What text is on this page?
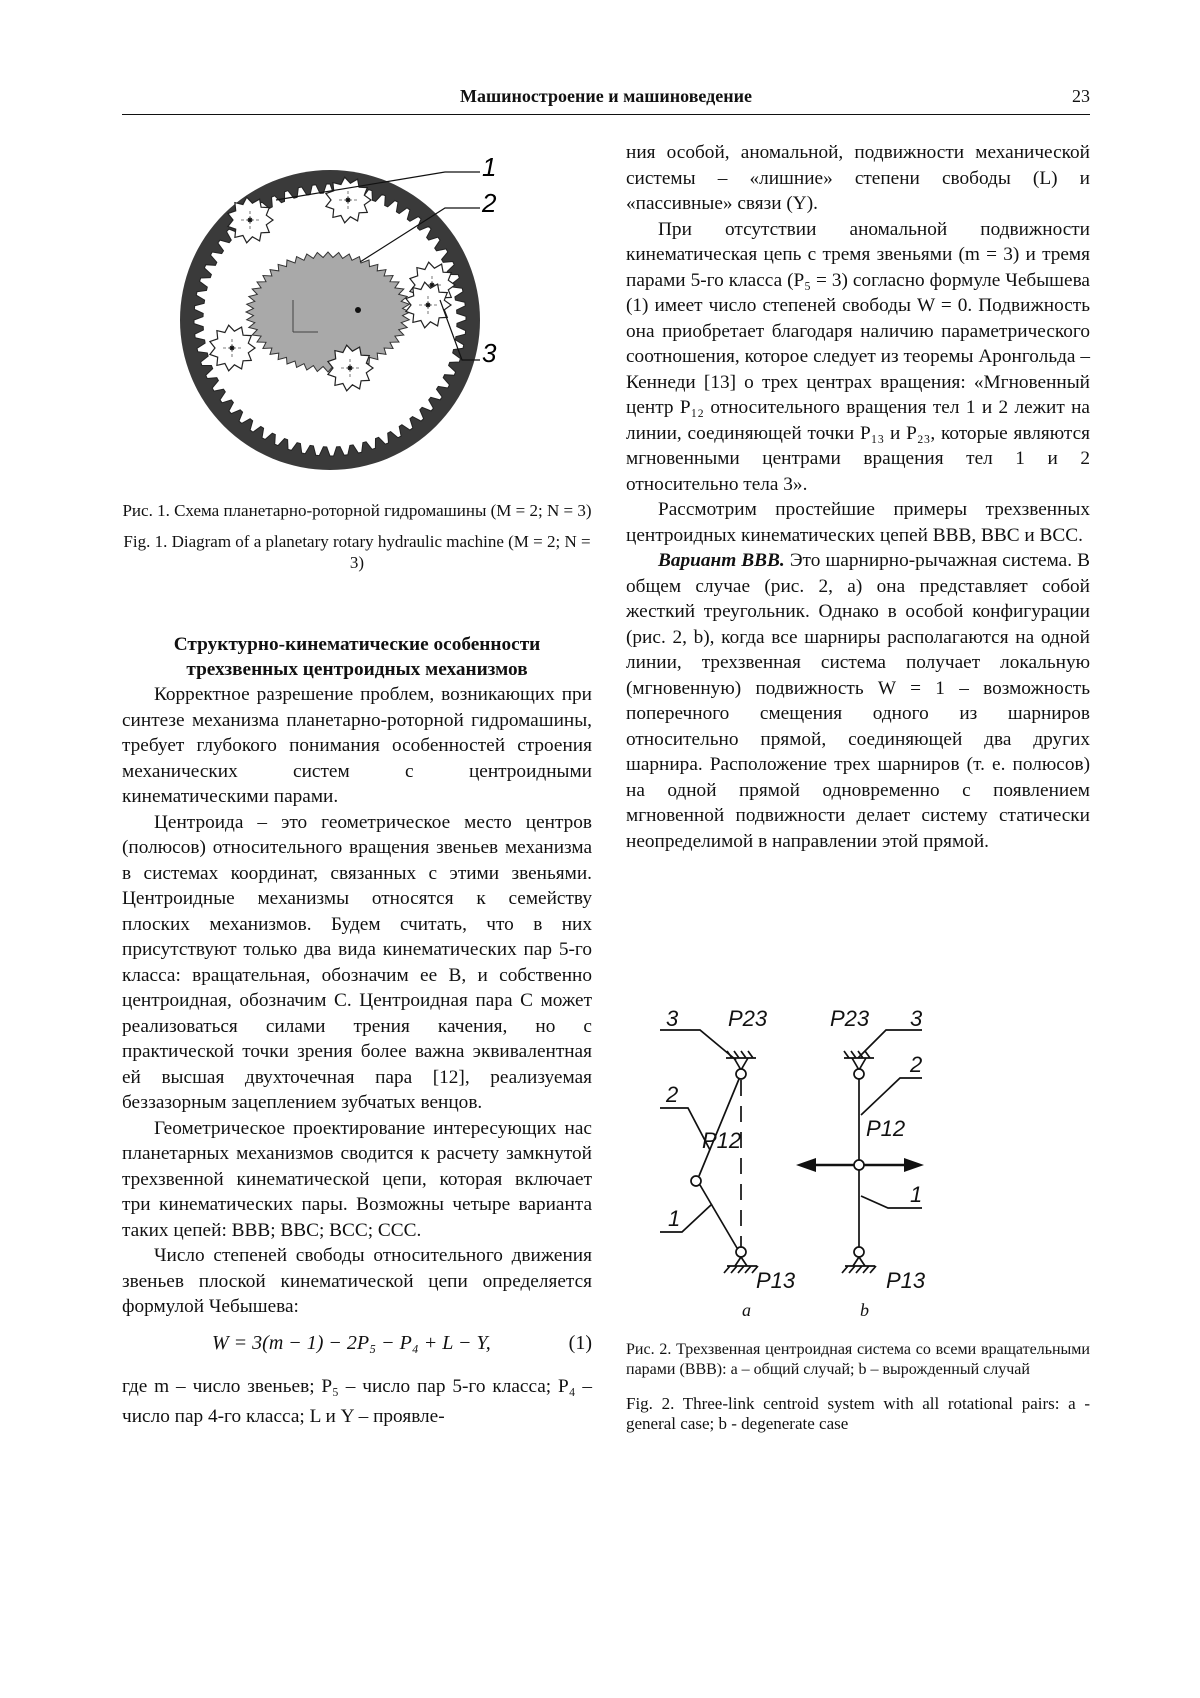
Машиностроение и машиноведение	23
1
2
3

Рис. 1. Схема планетарно-роторной гидромашины (M = 2; N = 3)

Fig. 1. Diagram of a planetary rotary hydraulic machine (M = 2; N = 3)

Структурно-кинематические особенности трехзвенных центроидных механизмов

Корректное разрешение проблем, возникающих при синтезе механизма планетарно-роторной гидромашины, требует глубокого понимания особенностей строения механических систем с центроидными кинематическими парами.

Центроида – это геометрическое место центров (полюсов) относительного вращения звеньев механизма в системах координат, связанных с этими звеньями. Центроидные механизмы относятся к семейству плоских механизмов. Будем считать, что в них присутствуют только два вида кинематических пар 5-го класса: вращательная, обозначим ее B, и собственно центроидная, обозначим C. Центроидная пара C может реализоваться силами трения качения, но с практической точки зрения более важна эквивалентная ей высшая двухточечная пара [12], реализуемая беззазорным зацеплением зубчатых венцов.

Геометрическое проектирование интересующих нас планетарных механизмов сводится к расчету замкнутой трехзвенной кинематической цепи, которая включает три кинематических пары. Возможны четыре варианта таких цепей: BBB; BBC; BCC; CCC.

Число степеней свободы относительного движения звеньев плоской кинематической цепи определяется формулой Чебышева:

W = 3(m − 1) − 2P₅ − P₄ + L − Y,	(1)

где m – число звеньев; P₅ – число пар 5-го класса; P₄ – число пар 4-го класса; L и Y – проявле-

ния особой, аномальной, подвижности механической системы – «лишние» степени свободы (L) и «пассивные» связи (Y).

При отсутствии аномальной подвижности кинематическая цепь с тремя звеньями (m = 3) и тремя парами 5-го класса (P₅ = 3) согласно формуле Чебышева (1) имеет число степеней свободы W = 0. Подвижность она приобретает благодаря наличию параметрического соотношения, которое следует из теоремы Аронгольда – Кеннеди [13] о трех центрах вращения: «Мгновенный центр P₁₂ относительного вращения тел 1 и 2 лежит на линии, соединяющей точки P₁₃ и P₂₃, которые являются мгновенными центрами вращения тел 1 и 2 относительно тела 3».

Рассмотрим простейшие примеры трехзвенных центроидных кинематических цепей BBB, BBC и BCC.

Вариант BBB. Это шарнирно-рычажная система. В общем случае (рис. 2, a) она представляет собой жесткий треугольник. Однако в особой конфигурации (рис. 2, b), когда все шарниры располагаются на одной линии, трехзвенная система получает локальную (мгновенную) подвижность W = 1 – возможность поперечного смещения одного из шарниров относительно прямой, соединяющей два других шарнира. Расположение трех шарниров (т. е. полюсов) на одной прямой одновременно с появлением мгновенной подвижности делает систему статически неопределимой в направлении этой прямой.

3 P23
2
P12
1
P13
P23 3
2
P12
1
P13
a	b

Рис. 2. Трехзвенная центроидная система со всеми вращательными парами (BBB): a – общий случай; b – вырожденный случай

Fig. 2. Three-link centroid system with all rotational pairs: a - general case; b - degenerate case
